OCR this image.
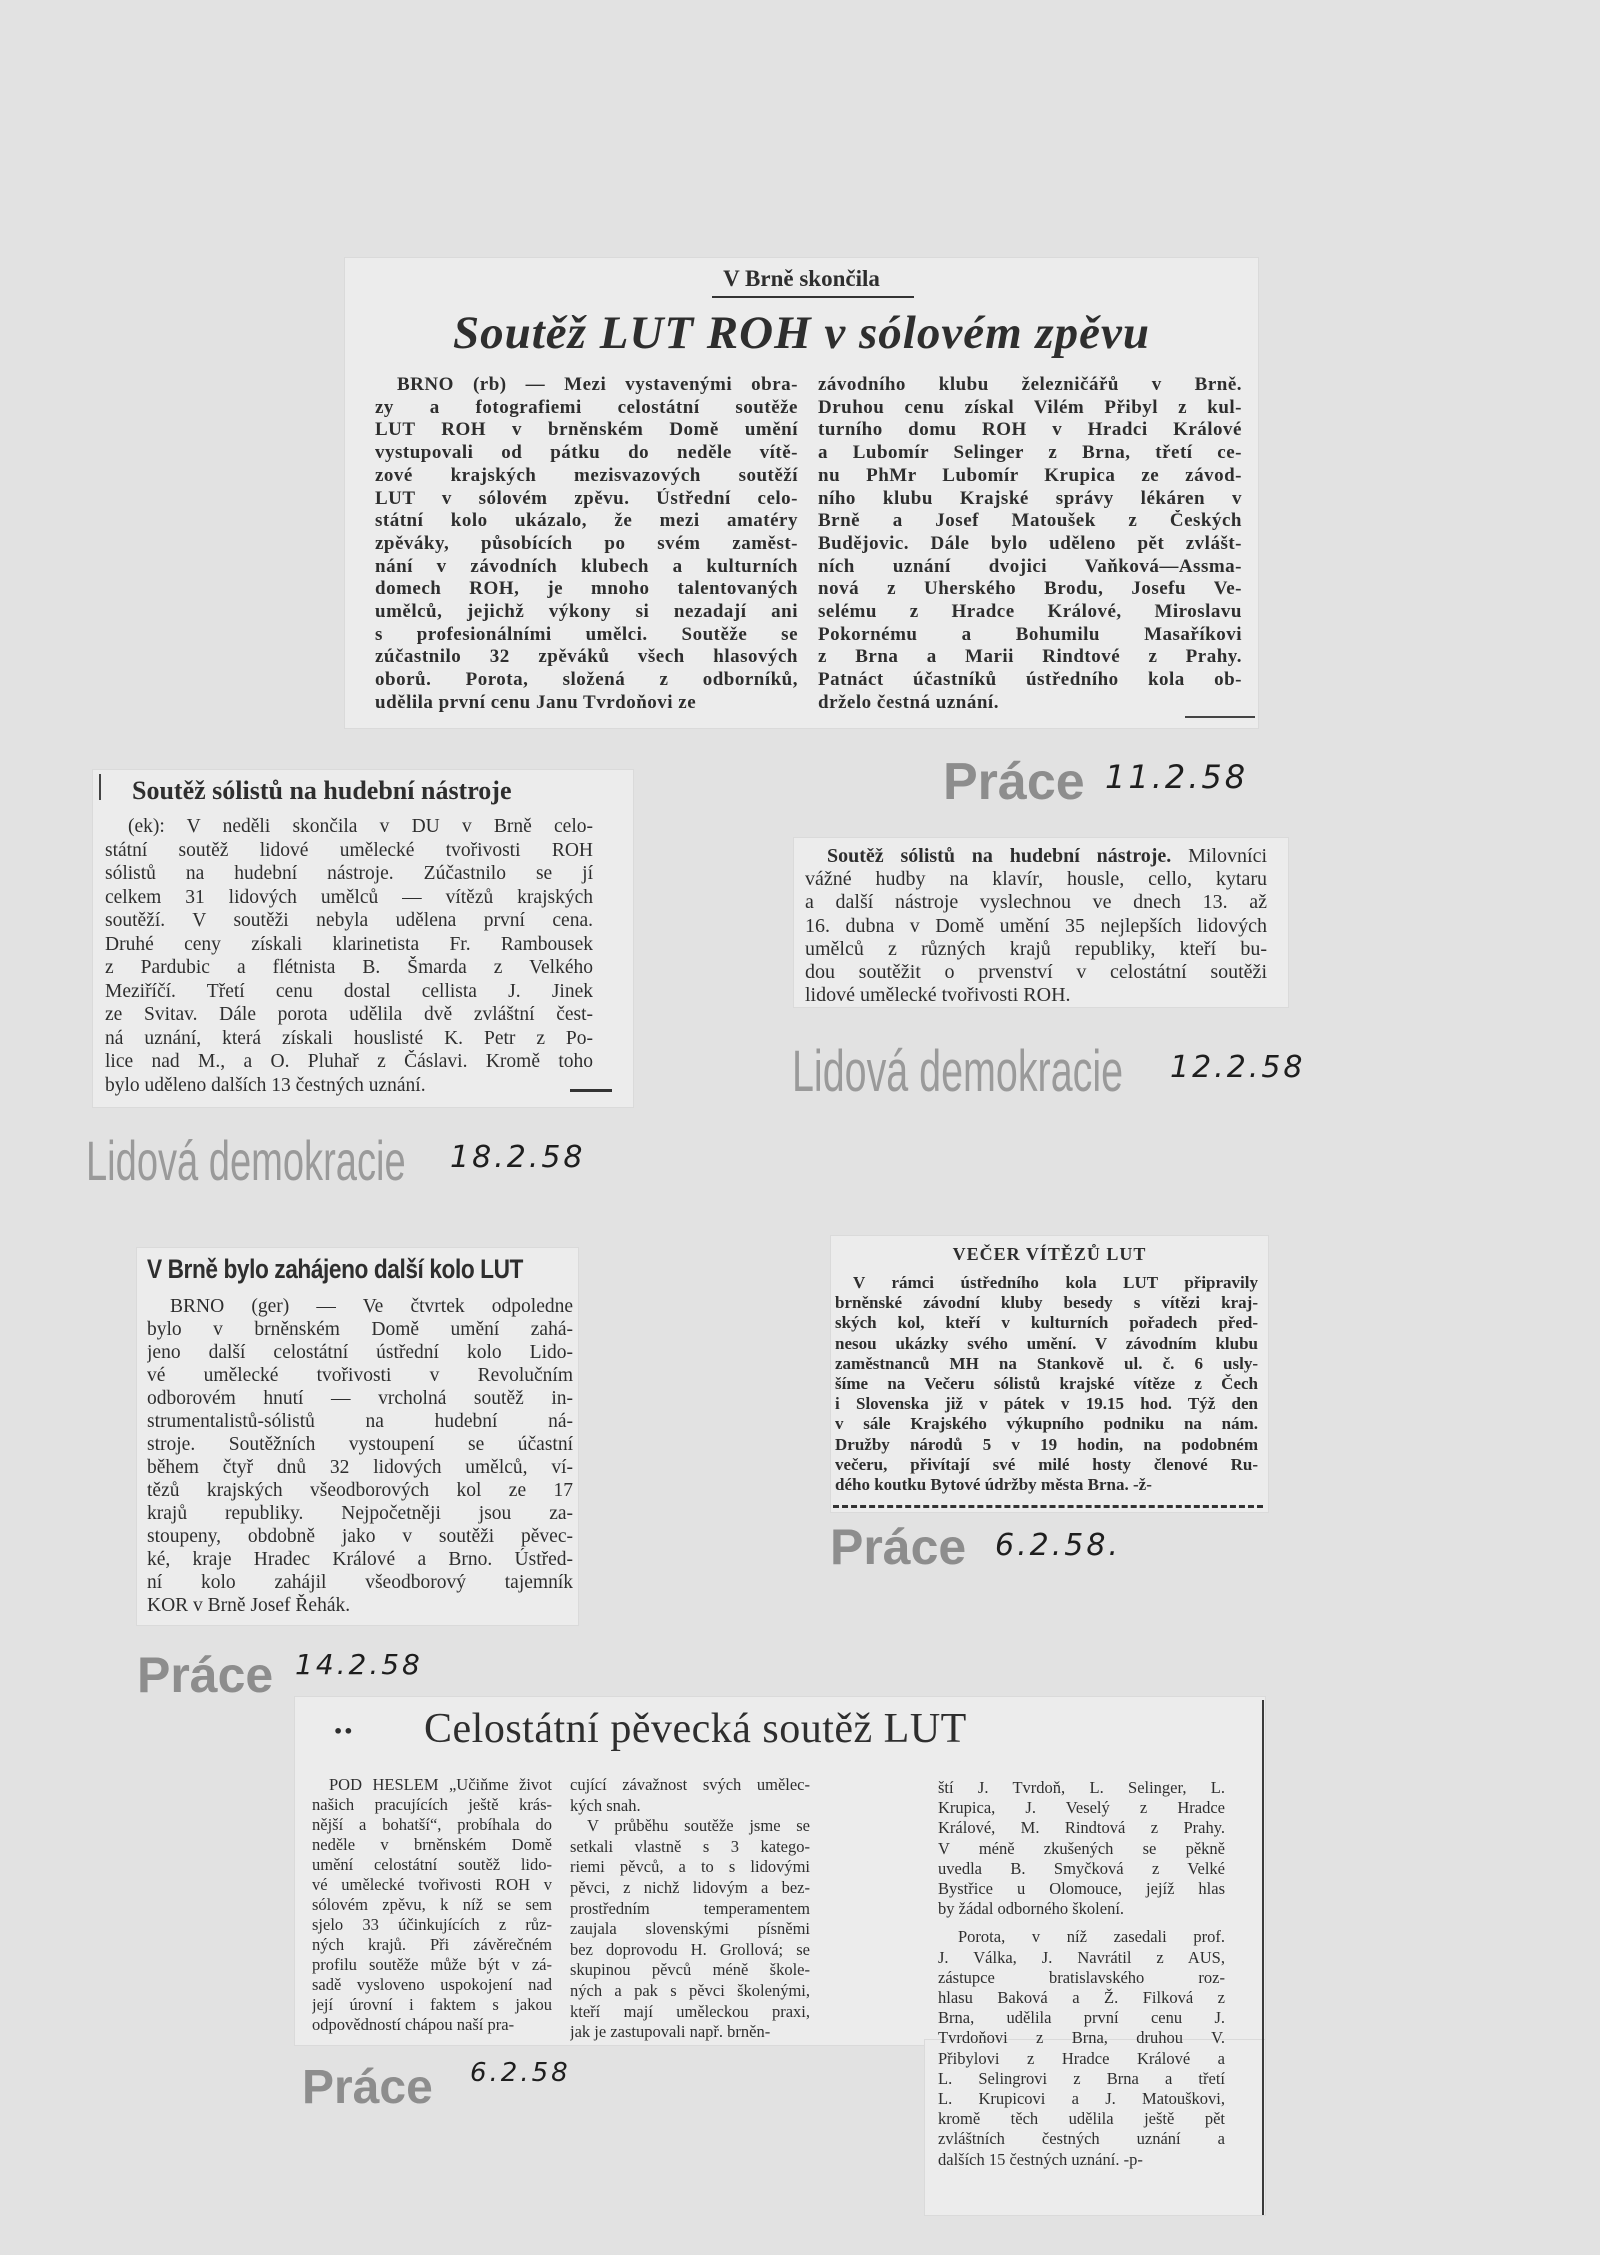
V Brně skončila
Soutěž LUT ROH v sólovém zpěvu
BRNO (rb) — Mezi vystavenými obra-
zy a fotografiemi celostátní soutěže
LUT ROH v brněnském Domě umění
vystupovali od pátku do neděle vítě-
zové krajských mezisvazových soutěží
LUT v sólovém zpěvu. Ústřední celo-
státní kolo ukázalo, že mezi amatéry
zpěváky, působících po svém zaměst-
nání v závodních klubech a kulturních
domech ROH, je mnoho talentovaných
umělců, jejichž výkony si nezadají ani
s profesionálními umělci. Soutěže se
zúčastnilo 32 zpěváků všech hlasových
oborů. Porota, složená z odborníků,
udělila první cenu Janu Tvrdoňovi ze
závodního klubu železničářů v Brně.
Druhou cenu získal Vilém Přibyl z kul-
turního domu ROH v Hradci Králové
a Lubomír Selinger z Brna, třetí ce-
nu PhMr Lubomír Krupica ze závod-
ního klubu Krajské správy lékáren v
Brně a Josef Matoušek z Českých
Budějovic. Dále bylo uděleno pět zvlášt-
ních uznání dvojici Vaňková—Assma-
nová z Uherského Brodu, Josefu Ve-
selému z Hradce Králové, Miroslavu
Pokornému a Bohumilu Masaříkovi
z Brna a Marii Rindtové z Prahy.
Patnáct účastníků ústředního kola ob-
drželo čestná uznání.
Práce 11.2.58
Soutěž sólistů na hudební nástroje
(ek): V neděli skončila v DU v Brně celo-
státní soutěž lidové umělecké tvořivosti ROH
sólistů na hudební nástroje. Zúčastnilo se jí
celkem 31 lidových umělců — vítězů krajských
soutěží. V soutěži nebyla udělena první cena.
Druhé ceny získali klarinetista Fr. Rambousek
z Pardubic a flétnista B. Šmarda z Velkého
Meziříčí. Třetí cenu dostal cellista J. Jinek
ze Svitav. Dále porota udělila dvě zvláštní čest-
ná uznání, která získali houslisté K. Petr z Po-
lice nad M., a O. Pluhař z Čáslavi. Kromě toho
bylo uděleno dalších 13 čestných uznání.
Lidová demokracie 18.2.58
Soutěž sólistů na hudební nástroje. Milovníci
vážné hudby na klavír, housle, cello, kytaru
a další nástroje vyslechnou ve dnech 13. až
16. dubna v Domě umění 35 nejlepších lidových
umělců z různých krajů republiky, kteří bu-
dou soutěžit o prvenství v celostátní soutěži
lidové umělecké tvořivosti ROH.
Lidová demokracie 12.2.58
V Brně bylo zahájeno další kolo LUT
BRNO (ger) — Ve čtvrtek odpoledne
bylo v brněnském Domě umění zahá-
jeno další celostátní ústřední kolo Lido-
vé umělecké tvořivosti v Revolučním
odborovém hnutí — vrcholná soutěž in-
strumentalistů-sólistů na hudební ná-
stroje. Soutěžních vystoupení se účastní
během čtyř dnů 32 lidových umělců, ví-
tězů krajských všeodborových kol ze 17
krajů republiky. Nejpočetněji jsou za-
stoupeny, obdobně jako v soutěži pěvec-
ké, kraje Hradec Králové a Brno. Ústřed-
ní kolo zahájil všeodborový tajemník
KOR v Brně Josef Řehák.
VEČER VÍTĚZŮ LUT
V rámci ústředního kola LUT připravily
brněnské závodní kluby besedy s vítězi kraj-
ských kol, kteří v kulturních pořadech před-
nesou ukázky svého umění. V závodním klubu
zaměstnanců MH na Stankově ul. č. 6 usly-
šíme na Večeru sólistů krajské vítěze z Čech
i Slovenska již v pátek v 19.15 hod. Týž den
v sále Krajského výkupního podniku na nám.
Družby národů 5 v 19 hodin, na podobném
večeru, přivítají své milé hosty členové Ru-
dého koutku Bytové údržby města Brna. -ž-
Práce 6.2.58.
Práce 14.2.58
•• Celostátní pěvecká soutěž LUT
POD HESLEM „Učiňme život
našich pracujících ještě krás-
nější a bohatší“, probíhala do
neděle v brněnském Domě
umění celostátní soutěž lido-
vé umělecké tvořivosti ROH v
sólovém zpěvu, k níž se sem
sjelo 33 účinkujících z růz-
ných krajů. Při závěrečném
profilu soutěže může být v zá-
sadě vysloveno uspokojení nad
její úrovní i faktem s jakou
odpovědností chápou naší pra-
cující závažnost svých umělec-
kých snah.
V průběhu soutěže jsme se
setkali vlastně s 3 katego-
riemi pěvců, a to s lidovými
pěvci, z nichž lidovým a bez-
prostředním temperamentem
zaujala slovenskými písněmi
bez doprovodu H. Grollová; se
skupinou pěvců méně škole-
ných a pak s pěvci školenými,
kteří mají uměleckou praxi,
jak je zastupovali např. brněn-
ští J. Tvrdoň, L. Selinger, L.
Krupica, J. Veselý z Hradce
Králové, M. Rindtová z Prahy.
V méně zkušených se pěkně
uvedla B. Smyčková z Velké
Bystřice u Olomouce, jejíž hlas
by žádal odborného školení.
Porota, v níž zasedali prof.
J. Válka, J. Navrátil z AUS,
zástupce bratislavského roz-
hlasu Baková a Ž. Filková z
Brna, udělila první cenu J.
Tvrdoňovi z Brna, druhou V.
Přibylovi z Hradce Králové a
L. Selingrovi z Brna a třetí
L. Krupicovi a J. Matouškovi,
kromě těch udělila ještě pět
zvláštních čestných uznání a
dalších 15 čestných uznání. -p-
Práce 6.2.58
